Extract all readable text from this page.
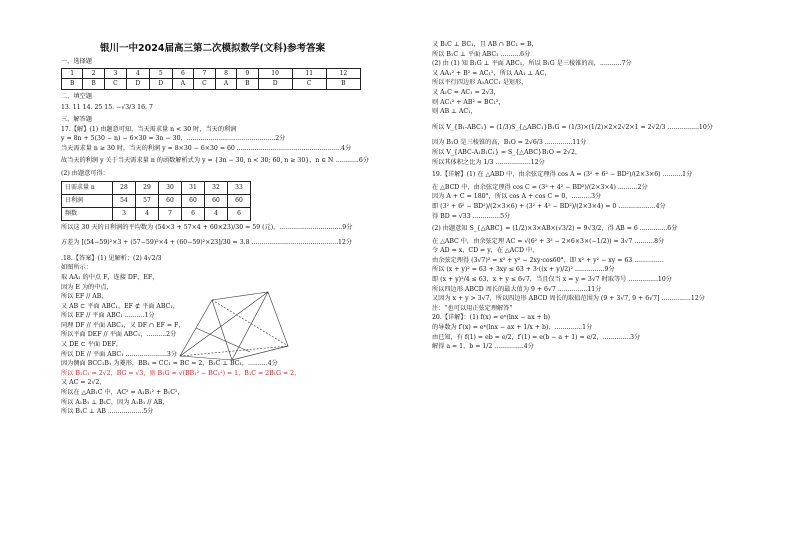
银川一中2024届高三第二次模拟数学(文科)参考答案
一、选择题
1	2	3	4	5	6	7	8	9	10	11	12
B	B	C	D	D	A	C	A	B	D	C	B
二、填空题
13. 11 14. 25 15. −√3/3 16. 7
三、解答题
17.【解】(1) 由题意可知，当天需求量 n < 30 时，当天的利润
y = 8n + 5(30 − n) − 6×30 = 3n − 30，.............................................2分
当天需求量 n ≥ 30 时，当天的利润 y = 8×30 − 6×30 = 60 .....................................................4分
故当天的利润 y 关于当天需求量 n 的函数解析式为 y = {3n − 30, n < 30; 60, n ≥ 30}，n ∈ N ............6分
(2) 由题意可得：
日需求量 n	28	29	30	31	32	33
日利润	54	57	60	60	60	60
频数	3	4	7	6	4	6
所以这 30 天的日利润的平均数为 (54×3 + 57×4 + 60×23)/30 = 59 (元)，................................9分
方差为 [(54−59)²×3 + (57−59)²×4 + (60−59)²×23]/30 = 3.8 ............................................12分
.18.【答案】(1) 见解析；(2) 4√2/3
如图所示：
取 AA₁ 的中点 F，连接 DF，EF，
因为 E 为的中点，
所以 EF // AB，
又 AB ⊂ 平面 ABC₁，EF ⊄ 平面 ABC₁，
所以 EF // 平面 ABC₁ ..........1分
同理 DF // 平面 ABC₁，又 DF ∩ EF = F，
所以平面 DEF // 平面 ABC₁，..........2分
又 DE ⊂ 平面 DEF，
所以 DE // 平面 ABC₁ .....................3分
因为侧面 BCC₁B₁ 为菱形，BB₁ = CC₁ = BC = 2，B₁C ⊥ BC₁，..........4分
所以 B₁C₁ = 2√2，BG = √3，则 B₁G = √(BB₁² − BC₁²) = 1，B₁C = 2B₁G = 2，
又 AC = 2√2，
所以在 △AB₁C 中，AC² = A₁B₁² + B₁C²，
所以 A₁B₁ ⊥ B₁C，因为 A₁B₁ // AB，
所以 B₁C ⊥ AB ..................5分
又 B₁C ⊥ BC₁，且 AB ∩ BC₁ = B，
所以 B₁C ⊥ 平面 ABC₁ ..........6分
(2) 由 (1) 知 B₁G ⊥ 平面 ABC₁，所以 B₁G 是三棱锥的高，...........7分
又 AA₁² + B² = AC₁²，所以 AA₁ ⊥ AC，
所以平行四边形 A₁ACC₁ 是矩形，
又 A₁C = AC₁ = 2√3，
则 AC₁² + AB² = BC₁²，
则 AB ⊥ AC₁，
所以 V_{B₁-ABC₁} = (1/3)S_{△ABC₁}B₁G = (1/3)×(1/2)×2×2√2×1 = 2√2/3 ................10分
因为 B₁O 是三棱锥的高，B₁O = 2√6/3 ..............11分
所以 V_{ABC-A₁B₁C₁} = S_{△ABC}B₁O = 2√2，
所以其体积之比为 1/3 ..................12分
19.【详解】(1) 在 △ABD 中，由余弦定理得 cos A = (3² + 6² − BD²)/(2×3×6) ..........1分
在 △BCD 中，由余弦定理得 cos C = (3² + 4² − BD²)/(2×3×4) ..........2分
因为 A + C = 180°，所以 cos A + cos C = 0，..........3分
即 (3² + 6² − BD²)/(2×3×6) + (3² + 4² − BD²)/(2×3×4) = 0 ...................4分
得 BD = √33 ..............5分
(2) 由题意知 S_{△ABC} = (1/2)×3×AB×(√3/2) = 9√3/2，得 AB = 6 ..............6分
在 △ABC 中，由余弦定理 AC = √(6² + 3² − 2×6×3×(−1/2)) = 3√7 ..........8分
令 AD = x，CD = y，在 △ACD 中，
由余弦定理得 (3√7)² = x² + y² − 2xy·cos60°，即 x² + y² − xy = 63 ...............
所以 (x + y)² = 63 + 3xy ≤ 63 + 3·((x + y)/2)² ...............9分
即 (x + y)²/4 ≤ 63，x + y ≤ 6√7，当且仅当 x = y = 3√7 时取等号 ...............10分
所以四边形 ABCD 周长的最大值为 9 + 6√7 ...............11分
又因为 x + y > 3√7，所以四边形 ABCD 周长的取值范围为 (9 + 3√7, 9 + 6√7] ...............12分
注：“也可以用正弦定理解答”
20.【详解】：(1) f(x) = eˣ(lnx − ax + b)
的导数为 f′(x) = eˣ(lnx − ax + 1/x + b)，..............1分
由已知，有 f(1) = eb = e/2，f′(1) = e(b − a + 1) = e/2，..............3分
解得 a = 1，b = 1/2 ...............4分
